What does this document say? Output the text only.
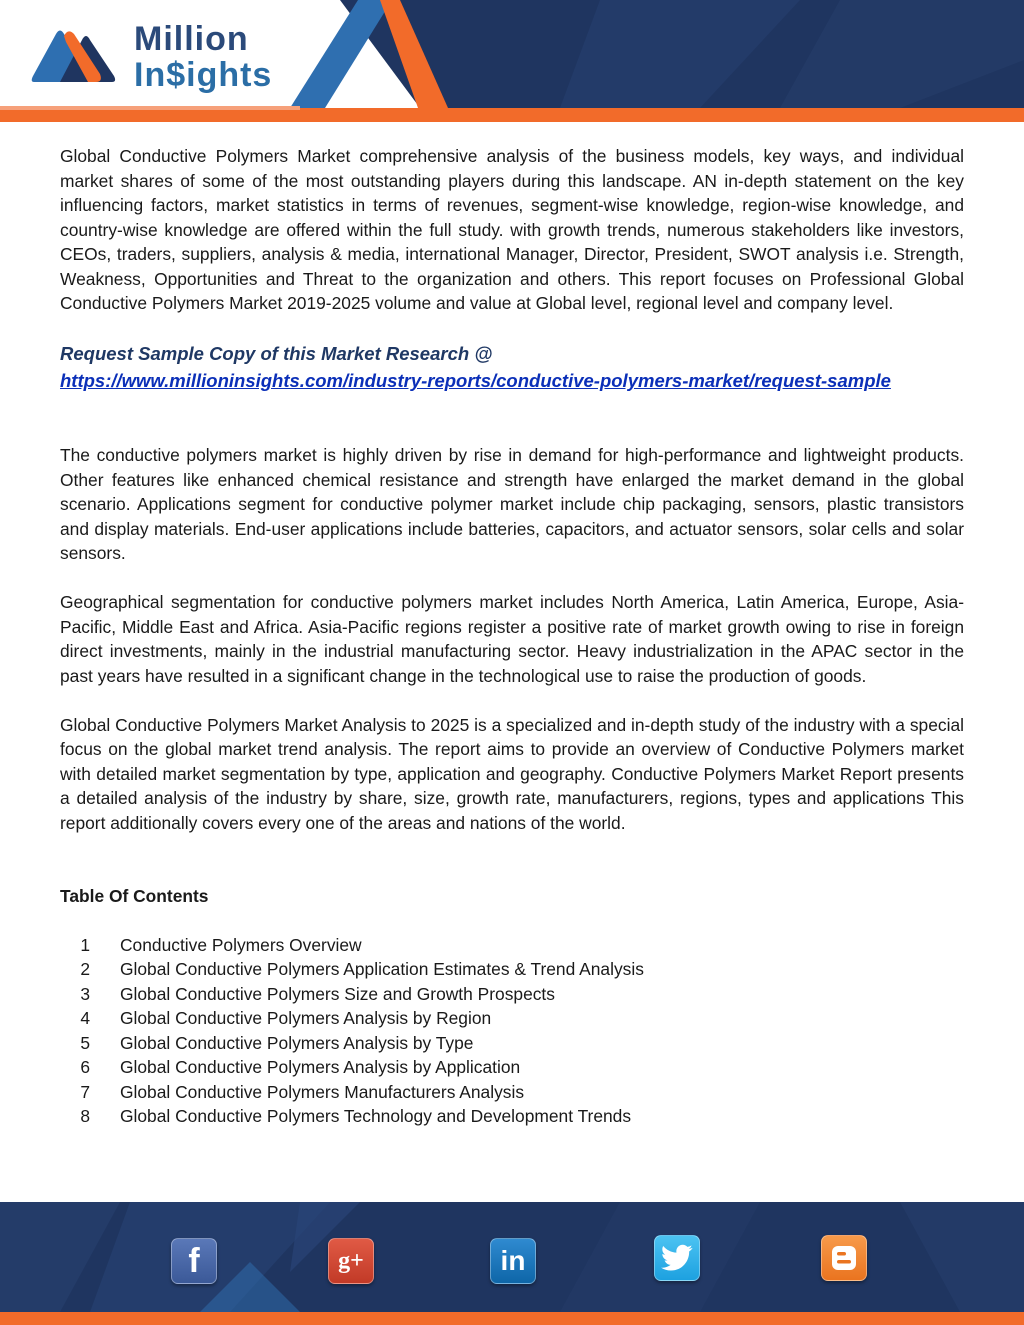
Million
In$ights

Global Conductive Polymers Market comprehensive analysis of the business models, key ways, and individual market shares of some of the most outstanding players during this landscape. AN in-depth statement on the key influencing factors, market statistics in terms of revenues, segment-wise knowledge, region-wise knowledge, and country-wise knowledge are offered within the full study. with growth trends, numerous stakeholders like investors, CEOs, traders, suppliers, analysis & media, international Manager, Director, President, SWOT analysis i.e. Strength, Weakness, Opportunities and Threat to the organization and others. This report focuses on Professional Global Conductive Polymers Market 2019-2025 volume and value at Global level, regional level and company level.

Request Sample Copy of this Market Research @
https://www.millioninsights.com/industry-reports/conductive-polymers-market/request-sample

The conductive polymers market is highly driven by rise in demand for high-performance and lightweight products. Other features like enhanced chemical resistance and strength have enlarged the market demand in the global scenario. Applications segment for conductive polymer market include chip packaging, sensors, plastic transistors and display materials. End-user applications include batteries, capacitors, and actuator sensors, solar cells and solar sensors.

Geographical segmentation for conductive polymers market includes North America, Latin America, Europe, Asia-Pacific, Middle East and Africa. Asia-Pacific regions register a positive rate of market growth owing to rise in foreign direct investments, mainly in the industrial manufacturing sector. Heavy industrialization in the APAC sector in the past years have resulted in a significant change in the technological use to raise the production of goods.

Global Conductive Polymers Market Analysis to 2025 is a specialized and in-depth study of the industry with a special focus on the global market trend analysis. The report aims to provide an overview of Conductive Polymers market with detailed market segmentation by type, application and geography. Conductive Polymers Market Report presents a detailed analysis of the industry by share, size, growth rate, manufacturers, regions, types and applications This report additionally covers every one of the areas and nations of the world.

Table Of Contents
1	Conductive Polymers Overview
2	Global Conductive Polymers Application Estimates & Trend Analysis
3	Global Conductive Polymers Size and Growth Prospects
4	Global Conductive Polymers Analysis by Region
5	Global Conductive Polymers Analysis by Type
6	Global Conductive Polymers Analysis by Application
7	Global Conductive Polymers Manufacturers Analysis
8	Global Conductive Polymers Technology and Development Trends
f	g+	in
